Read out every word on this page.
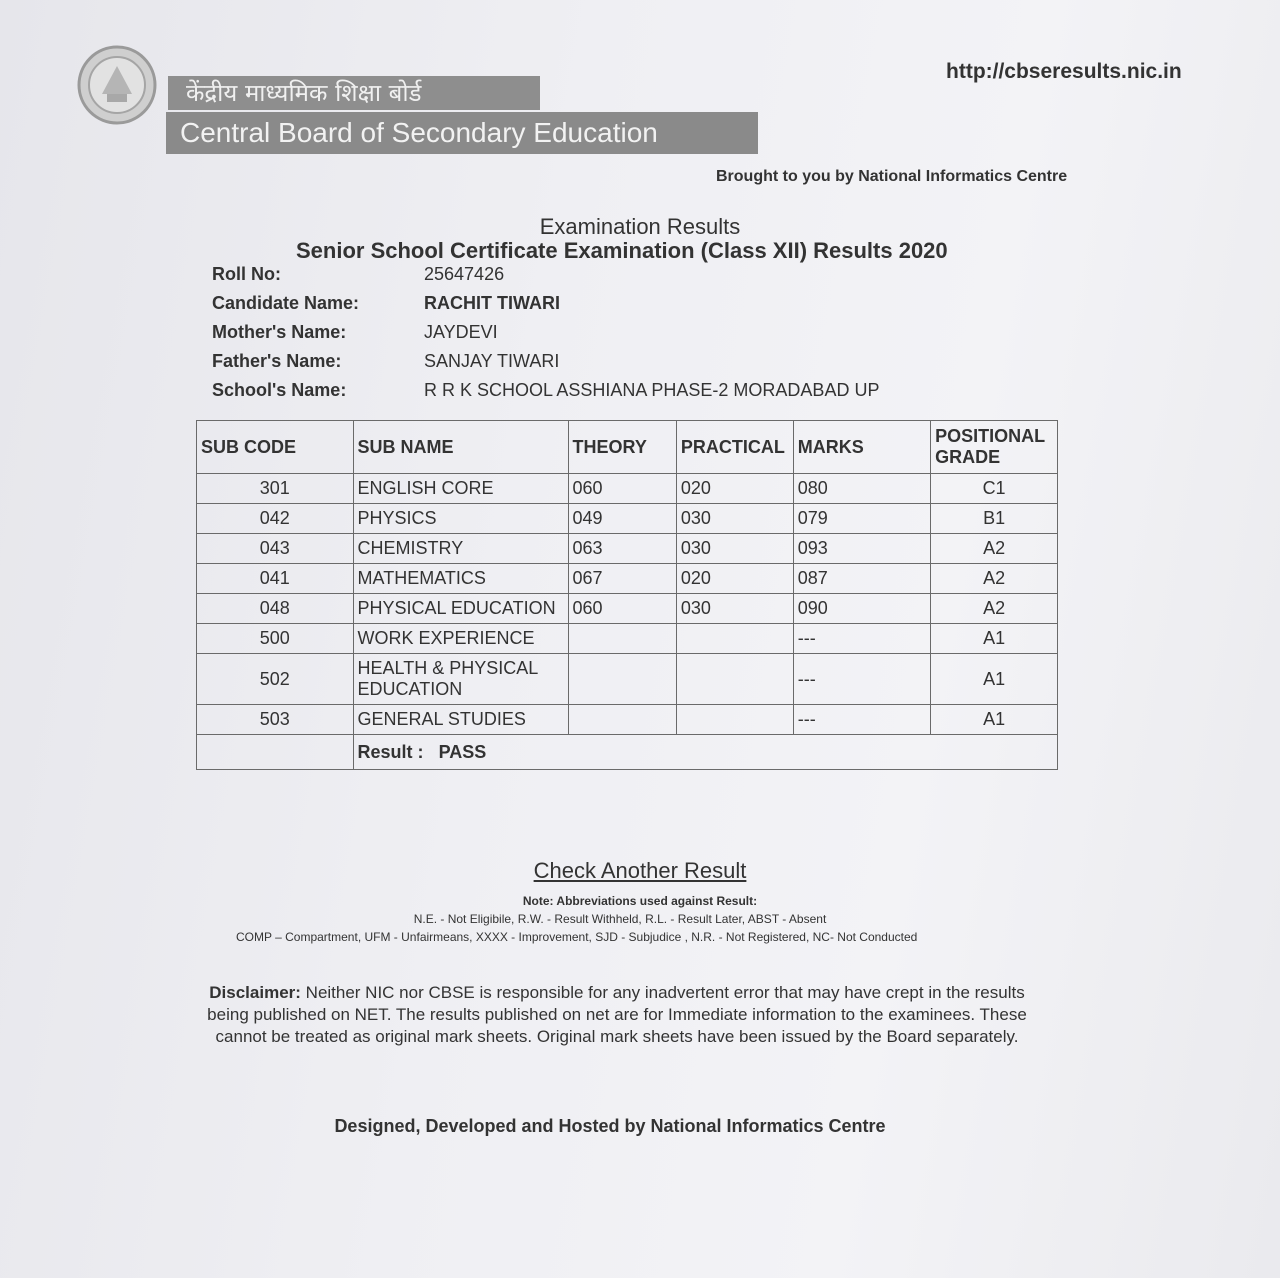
केंद्रीय माध्यमिक शिक्षा बोर्ड
Central Board of Secondary Education
http://cbseresults.nic.in
Brought to you by National Informatics Centre
Examination Results
Senior School Certificate Examination (Class XII) Results 2020
Roll No:	25647426
Candidate Name:	RACHIT TIWARI
Mother's Name:	JAYDEVI
Father's Name:	SANJAY TIWARI
School's Name:	R R K SCHOOL ASSHIANA PHASE-2 MORADABAD UP
SUB CODE	SUB NAME	THEORY	PRACTICAL	MARKS	POSITIONAL GRADE
301	ENGLISH CORE	060	020	080	C1
042	PHYSICS	049	030	079	B1
043	CHEMISTRY	063	030	093	A2
041	MATHEMATICS	067	020	087	A2
048	PHYSICAL EDUCATION	060	030	090	A2
500	WORK EXPERIENCE			---	A1
502	HEALTH & PHYSICAL EDUCATION			---	A1
503	GENERAL STUDIES			---	A1
	Result : PASS				
Check Another Result
Note: Abbreviations used against Result:
N.E. - Not Eligibile, R.W. - Result Withheld, R.L. - Result Later, ABST - Absent
COMP – Compartment, UFM - Unfairmeans, XXXX - Improvement, SJD - Subjudice , N.R. - Not Registered, NC- Not Conducted
Disclaimer: Neither NIC nor CBSE is responsible for any inadvertent error that may have crept in the results being published on NET. The results published on net are for Immediate information to the examinees. These cannot be treated as original mark sheets. Original mark sheets have been issued by the Board separately.
Designed, Developed and Hosted by National Informatics Centre
